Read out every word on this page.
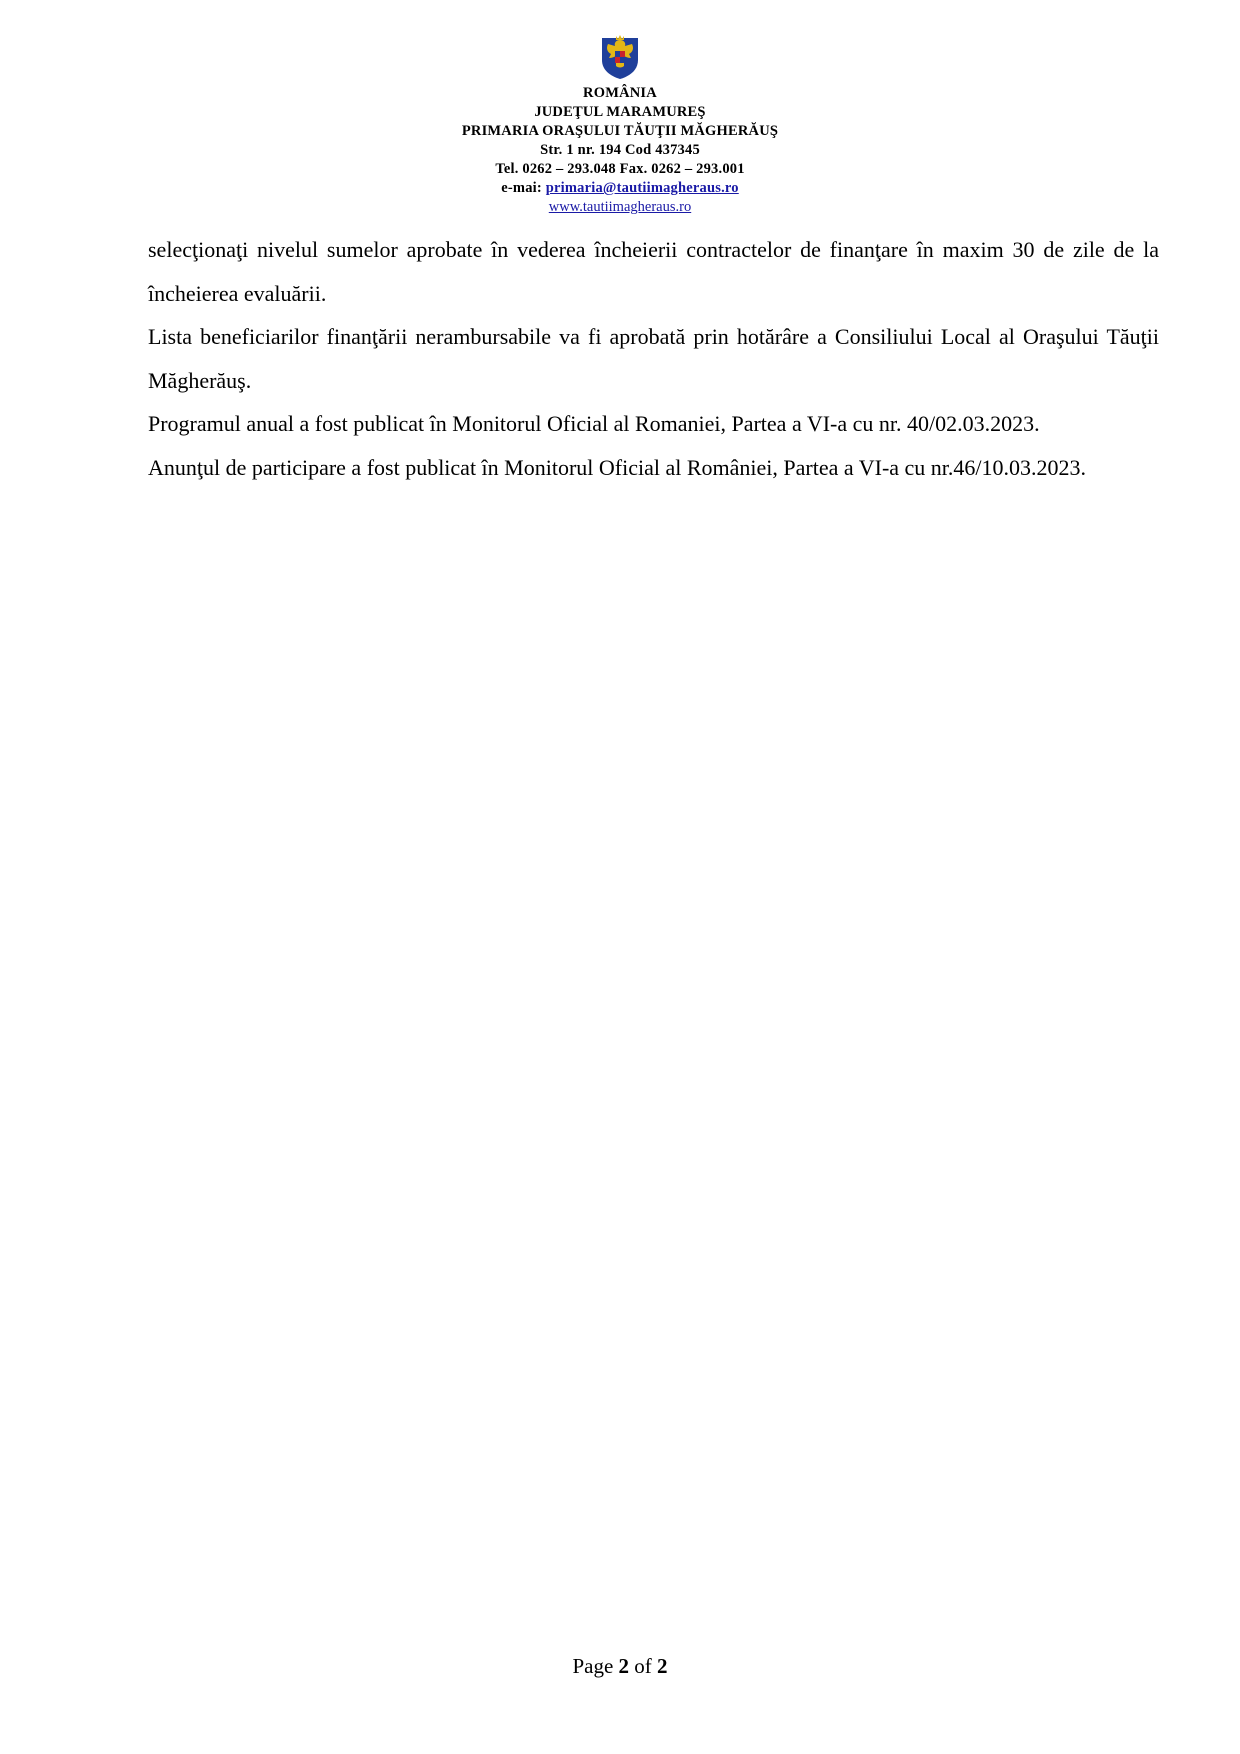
ROMÂNIA
JUDEŢUL MARAMUREŞ
PRIMARIA ORAŞULUI TĂUŢII MĂGHERĂUŞ
Str. 1 nr. 194 Cod 437345
Tel. 0262 – 293.048 Fax. 0262 – 293.001
e-mai: primaria@tautiimagheraus.ro
www.tautiimagheraus.ro

selecţionaţi nivelul sumelor aprobate în vederea încheierii contractelor de finanţare în maxim 30 de zile de la încheierea evaluării.

Lista beneficiarilor finanţării nerambursabile va fi aprobată prin hotărâre a Consiliului Local al Oraşului Tăuţii Măgherăuş.

Programul anual a fost publicat în Monitorul Oficial al Romaniei, Partea a VI-a cu nr. 40/02.03.2023.

Anunţul de participare a fost publicat în Monitorul Oficial al României, Partea a VI-a cu nr.46/10.03.2023.

Page 2 of 2
